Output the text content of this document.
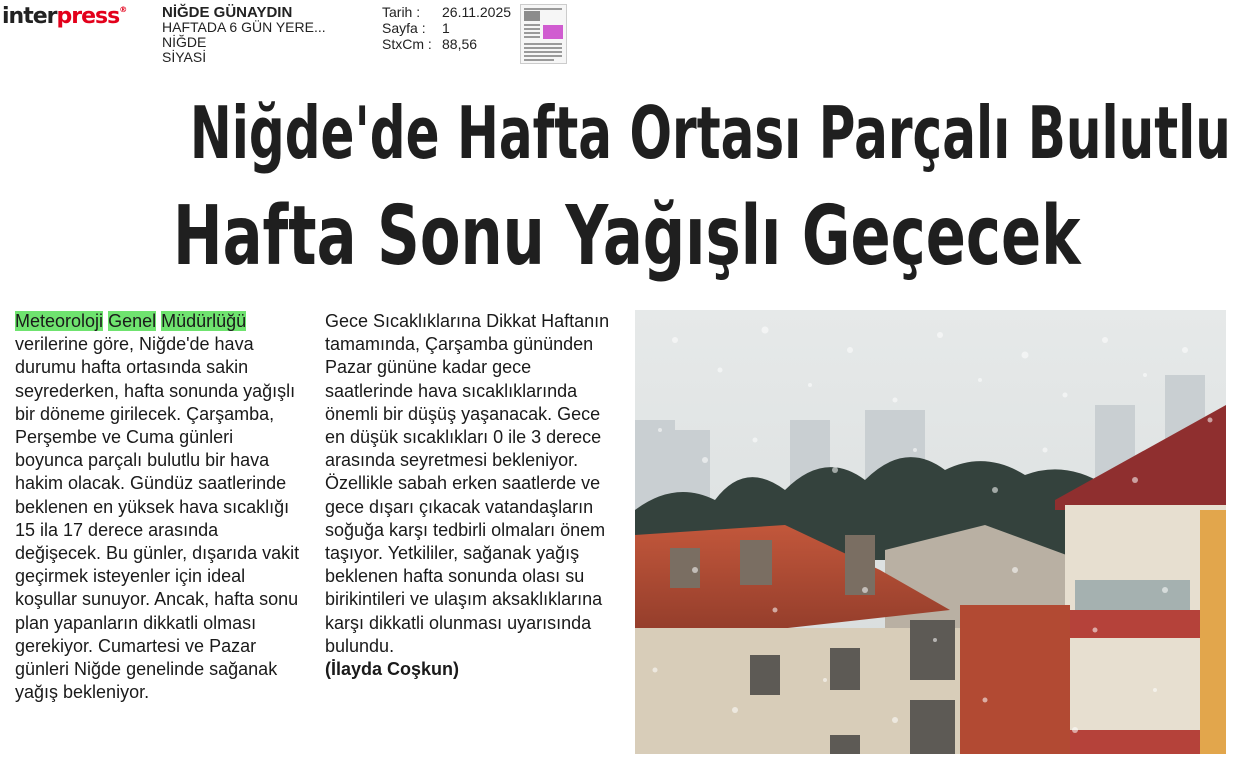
interpress® NİĞDE GÜNAYDIN
HAFTADA 6 GÜN YERE...
NİĞDE
SİYASİ
Tarih :	26.11.2025
Sayfa :	1
StxCm : 88,56
Niğde'de Hafta Ortası Parçalı Bulutlu
Hafta Sonu Yağışlı Geçecek

Meteoroloji Genel Müdürlüğü verilerine göre, Niğde'de hava durumu hafta ortasında sakin seyrederken, hafta sonunda yağışlı bir döneme girilecek. Çarşamba, Perşembe ve Cuma günleri boyunca parçalı bulutlu bir hava hakim olacak. Gündüz saatlerinde beklenen en yüksek hava sıcaklığı 15 ila 17 derece arasında değişecek. Bu günler, dışarıda vakit geçirmek isteyenler için ideal koşullar sunuyor. Ancak, hafta sonu plan yapanların dikkatli olması gerekiyor. Cumartesi ve Pazar günleri Niğde genelinde sağanak yağış bekleniyor.

Gece Sıcaklıklarına Dikkat Haftanın tamamında, Çarşamba gününden Pazar gününe kadar gece saatlerinde hava sıcaklıklarında önemli bir düşüş yaşanacak. Gece en düşük sıcaklıkları 0 ile 3 derece arasında seyretmesi bekleniyor. Özellikle sabah erken saatlerde ve gece dışarı çıkacak vatandaşların soğuğa karşı tedbirli olmaları önem taşıyor. Yetkililer, sağanak yağış beklenen hafta sonunda olası su birikintileri ve ulaşım aksaklıklarına karşı dikkatli olunması uyarısında bulundu.
(İlayda Coşkun)
